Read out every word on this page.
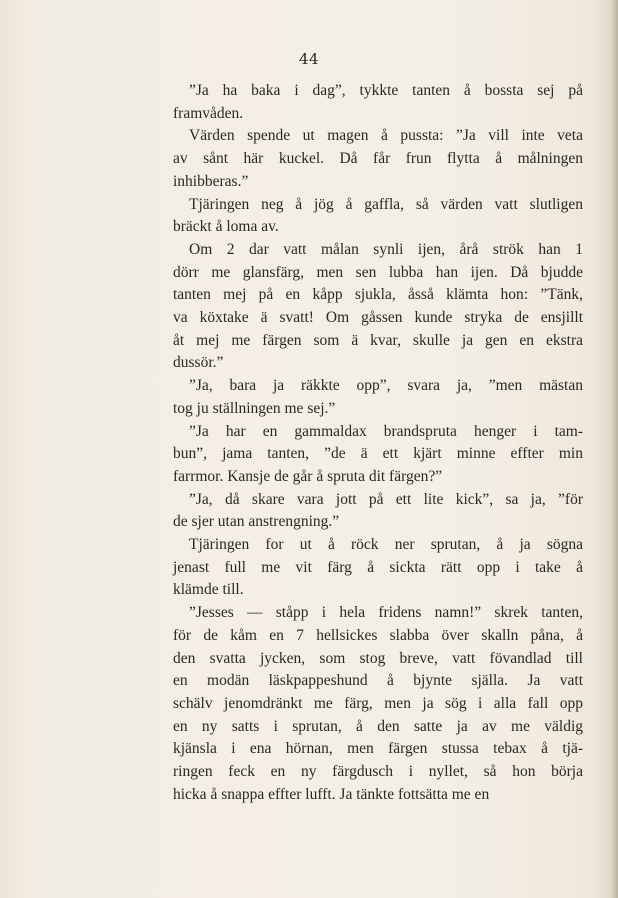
44

”Ja ha baka i dag”, tykkte tanten å bossta sej på
framvåden.

Värden spende ut magen å pussta: ”Ja vill inte veta
av sånt här kuckel. Då får frun flytta å målningen
inhibberas.”

Tjäringen neg å jög å gaffla, så värden vatt slutligen
bräckt å loma av.

Om 2 dar vatt målan synli ijen, årå strök han 1
dörr me glansfärg, men sen lubba han ijen. Då bjudde
tanten mej på en kåpp sjukla, åsså klämta hon: ”Tänk,
va köxtake ä svatt! Om gåssen kunde stryka de ensjillt
åt mej me färgen som ä kvar, skulle ja gen en ekstra
dussör.”

”Ja, bara ja räkkte opp”, svara ja, ”men mästan
tog ju ställningen me sej.”

”Ja har en gammaldax brandspruta henger i tam-
bun”, jama tanten, ”de ä ett kjärt minne effter min
farrmor. Kansje de går å spruta dit färgen?”

”Ja, då skare vara jott på ett lite kick”, sa ja, ”för
de sjer utan anstrengning.”

Tjäringen for ut å röck ner sprutan, å ja sögna
jenast full me vit färg å sickta rätt opp i take å
klämde till.

”Jesses — ståpp i hela fridens namn!” skrek tanten,
för de kåm en 7 hellsickes slabba över skalln påna, å
den svatta jycken, som stog breve, vatt fövandlad till
en modän läskpappeshund å bjynte själla. Ja vatt
schälv jenomdränkt me färg, men ja sög i alla fall opp
en ny satts i sprutan, å den satte ja av me väldig
kjänsla i ena hörnan, men färgen stussa tebax å tjä-
ringen feck en ny färgdusch i nyllet, så hon börja
hicka å snappa effter lufft. Ja tänkte fottsätta me en
